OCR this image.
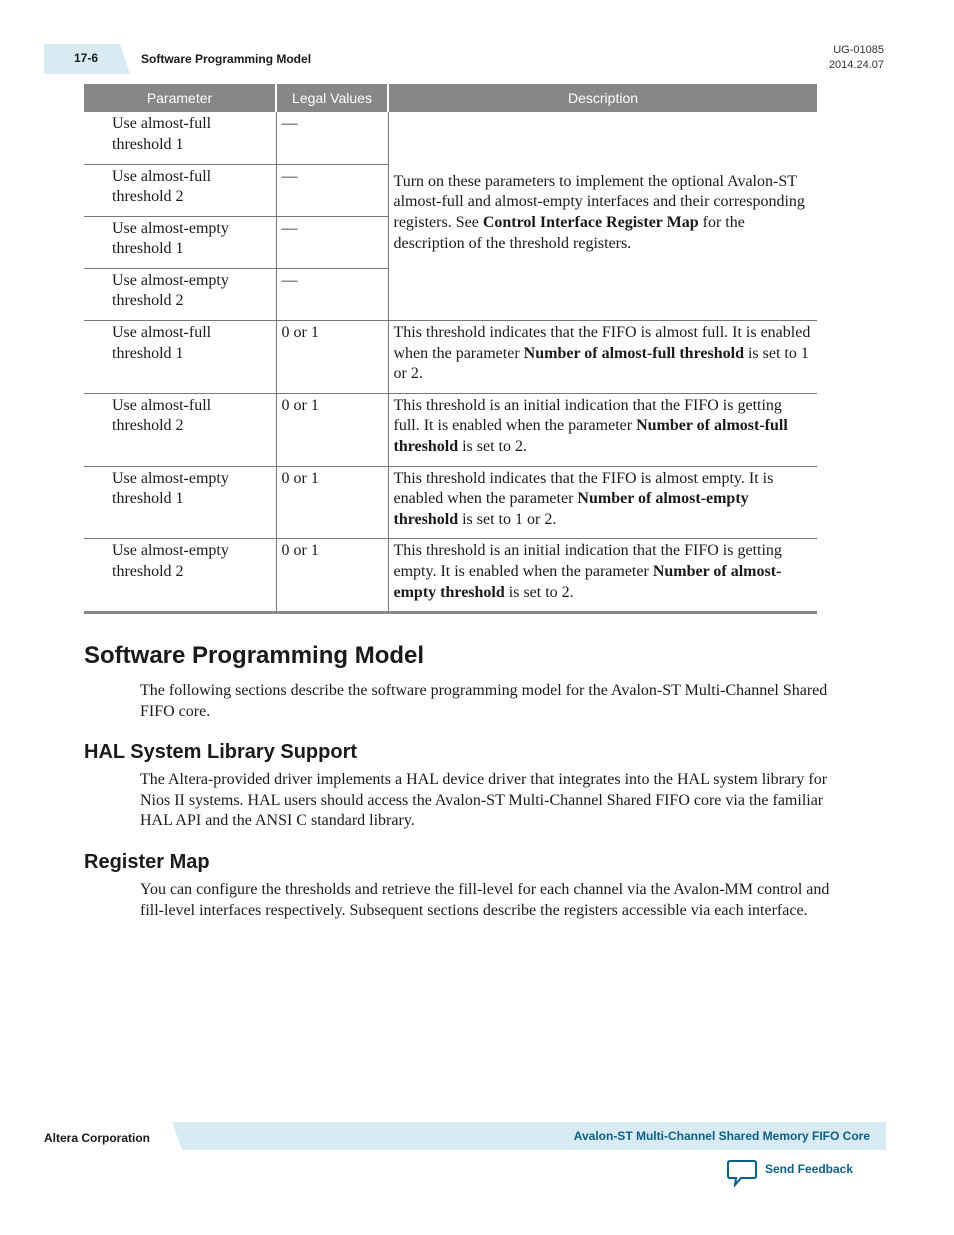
17-6	Software Programming Model
UG-01085
2014.24.07
Parameter	Legal Values	Description
Use almost-full threshold 1	—	Turn on these parameters to implement the optional Avalon-ST almost-full and almost-empty interfaces and their corresponding registers. See Control Interface Register Map for the description of the threshold registers.
Use almost-full threshold 2	—	
Use almost-empty threshold 1	—	
Use almost-empty threshold 2	—	
Use almost-full threshold 1	0 or 1	This threshold indicates that the FIFO is almost full. It is enabled when the parameter Number of almost-full threshold is set to 1 or 2.
Use almost-full threshold 2	0 or 1	This threshold is an initial indication that the FIFO is getting full. It is enabled when the parameter Number of almost-full threshold is set to 2.
Use almost-empty threshold 1	0 or 1	This threshold indicates that the FIFO is almost empty. It is enabled when the parameter Number of almost-empty threshold is set to 1 or 2.
Use almost-empty threshold 2	0 or 1	This threshold is an initial indication that the FIFO is getting empty. It is enabled when the parameter Number of almost-empty threshold is set to 2.
Software Programming Model

The following sections describe the software programming model for the Avalon-ST Multi-Channel Shared FIFO core.

HAL System Library Support

The Altera-provided driver implements a HAL device driver that integrates into the HAL system library for Nios II systems. HAL users should access the Avalon-ST Multi-Channel Shared FIFO core via the familiar HAL API and the ANSI C standard library.

Register Map

You can configure the thresholds and retrieve the fill-level for each channel via the Avalon-MM control and fill-level interfaces respectively. Subsequent sections describe the registers accessible via each interface.

Altera Corporation	Avalon-ST Multi-Channel Shared Memory FIFO Core
Send Feedback
